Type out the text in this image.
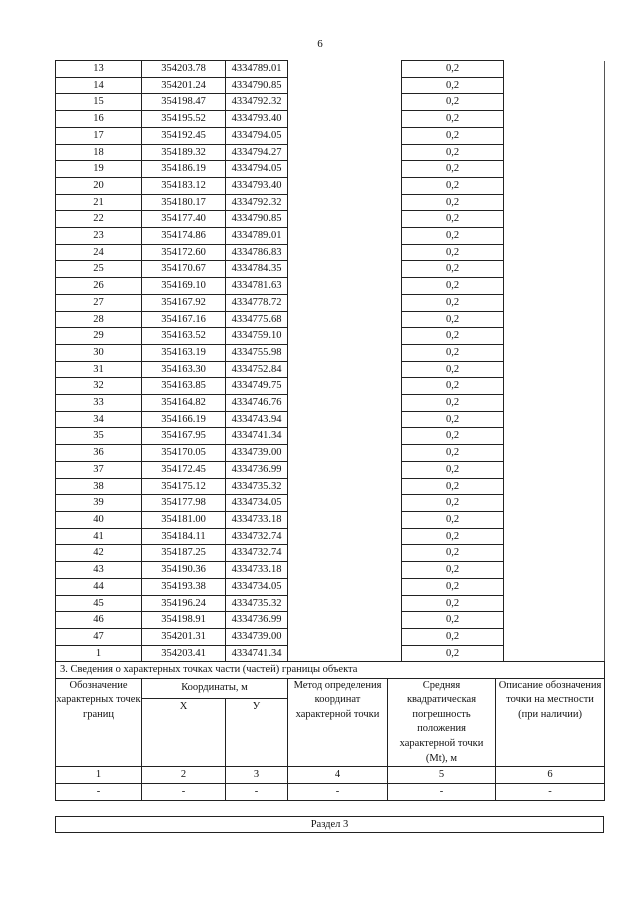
6
13	354203.78	4334789.01		0,2	
14	354201.24	4334790.85		0,2	
15	354198.47	4334792.32		0,2	
16	354195.52	4334793.40		0,2	
17	354192.45	4334794.05		0,2	
18	354189.32	4334794.27		0,2	
19	354186.19	4334794.05		0,2	
20	354183.12	4334793.40		0,2	
21	354180.17	4334792.32		0,2	
22	354177.40	4334790.85		0,2	
23	354174.86	4334789.01		0,2	
24	354172.60	4334786.83		0,2	
25	354170.67	4334784.35		0,2	
26	354169.10	4334781.63		0,2	
27	354167.92	4334778.72		0,2	
28	354167.16	4334775.68		0,2	
29	354163.52	4334759.10		0,2	
30	354163.19	4334755.98		0,2	
31	354163.30	4334752.84		0,2	
32	354163.85	4334749.75		0,2	
33	354164.82	4334746.76		0,2	
34	354166.19	4334743.94		0,2	
35	354167.95	4334741.34		0,2	
36	354170.05	4334739.00		0,2	
37	354172.45	4334736.99		0,2	
38	354175.12	4334735.32		0,2	
39	354177.98	4334734.05		0,2	
40	354181.00	4334733.18		0,2	
41	354184.11	4334732.74		0,2	
42	354187.25	4334732.74		0,2	
43	354190.36	4334733.18		0,2	
44	354193.38	4334734.05		0,2	
45	354196.24	4334735.32		0,2	
46	354198.91	4334736.99		0,2	
47	354201.31	4334739.00		0,2	
1	354203.41	4334741.34		0,2	
3. Сведения о характерных точках части (частей) границы объекта					
Обозначение характерных точек границ	Координаты, м		Метод определения координат характерной точки	Средняя квадратическая погрешность положения характерной точки (Mt), м	Описание обозначения точки на местности (при наличии)
	Х	У			
1	2	3	4	5	6
-	-	-	-	-	-
Раздел 3
